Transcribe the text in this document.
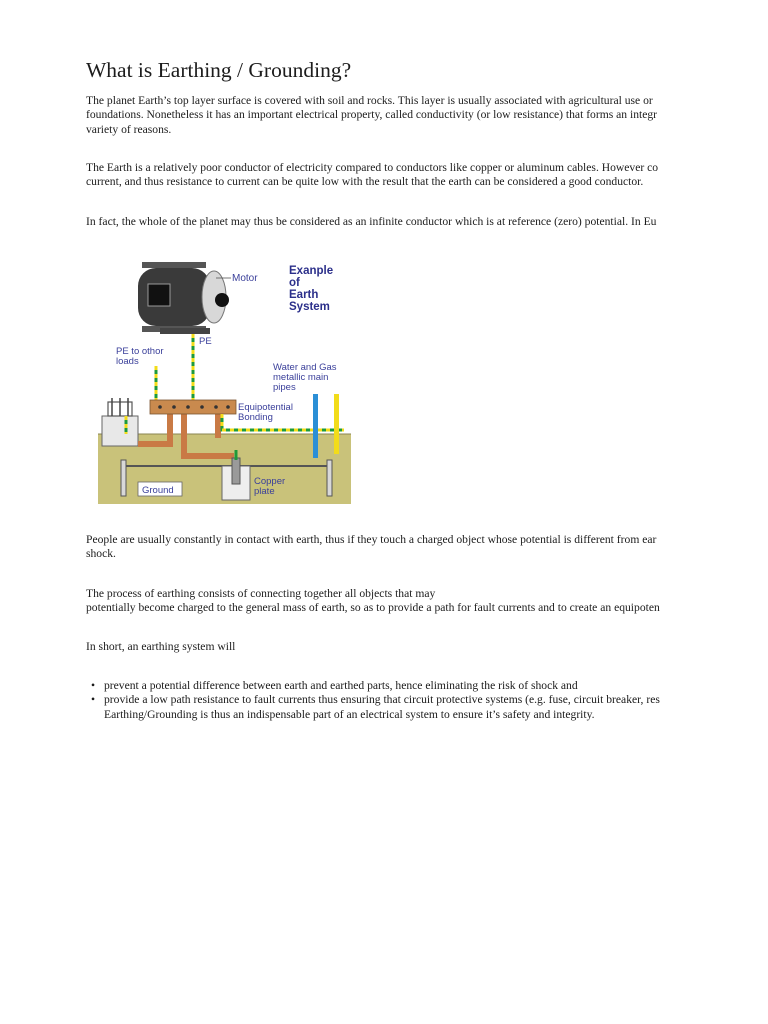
What is Earthing / Grounding?

The planet Earth’s top layer surface is covered with soil and rocks. This layer is usually associated with agricultural use or
foundations. Nonetheless it has an important electrical property, called conductivity (or low resistance) that forms an integr
variety of reasons.

The Earth is a relatively poor conductor of electricity compared to conductors like copper or aluminum cables. However co
current, and thus resistance to current can be quite low with the result that the earth can be considered a good conductor.

In fact, the whole of the planet may thus be considered as an infinite conductor which is at reference (zero) potential. In Eu

Motor
Exanple
of
Earth
System
PE
PE to othor
loads
Equipotential
Bonding
Water and Gas
metallic main
pipes
Copper
plate
Ground

People are usually constantly in contact with earth, thus if they touch a charged object whose potential is different from ear
shock.

The process of earthing consists of connecting together all objects that may
potentially become charged to the general mass of earth, so as to provide a path for fault currents and to create an equipoten

In short, an earthing system will

• prevent a potential difference between earth and earthed parts, hence eliminating the risk of shock and
• provide a low path resistance to fault currents thus ensuring that circuit protective systems (e.g. fuse, circuit breaker, res
Earthing/Grounding is thus an indispensable part of an electrical system to ensure it’s safety and integrity.
